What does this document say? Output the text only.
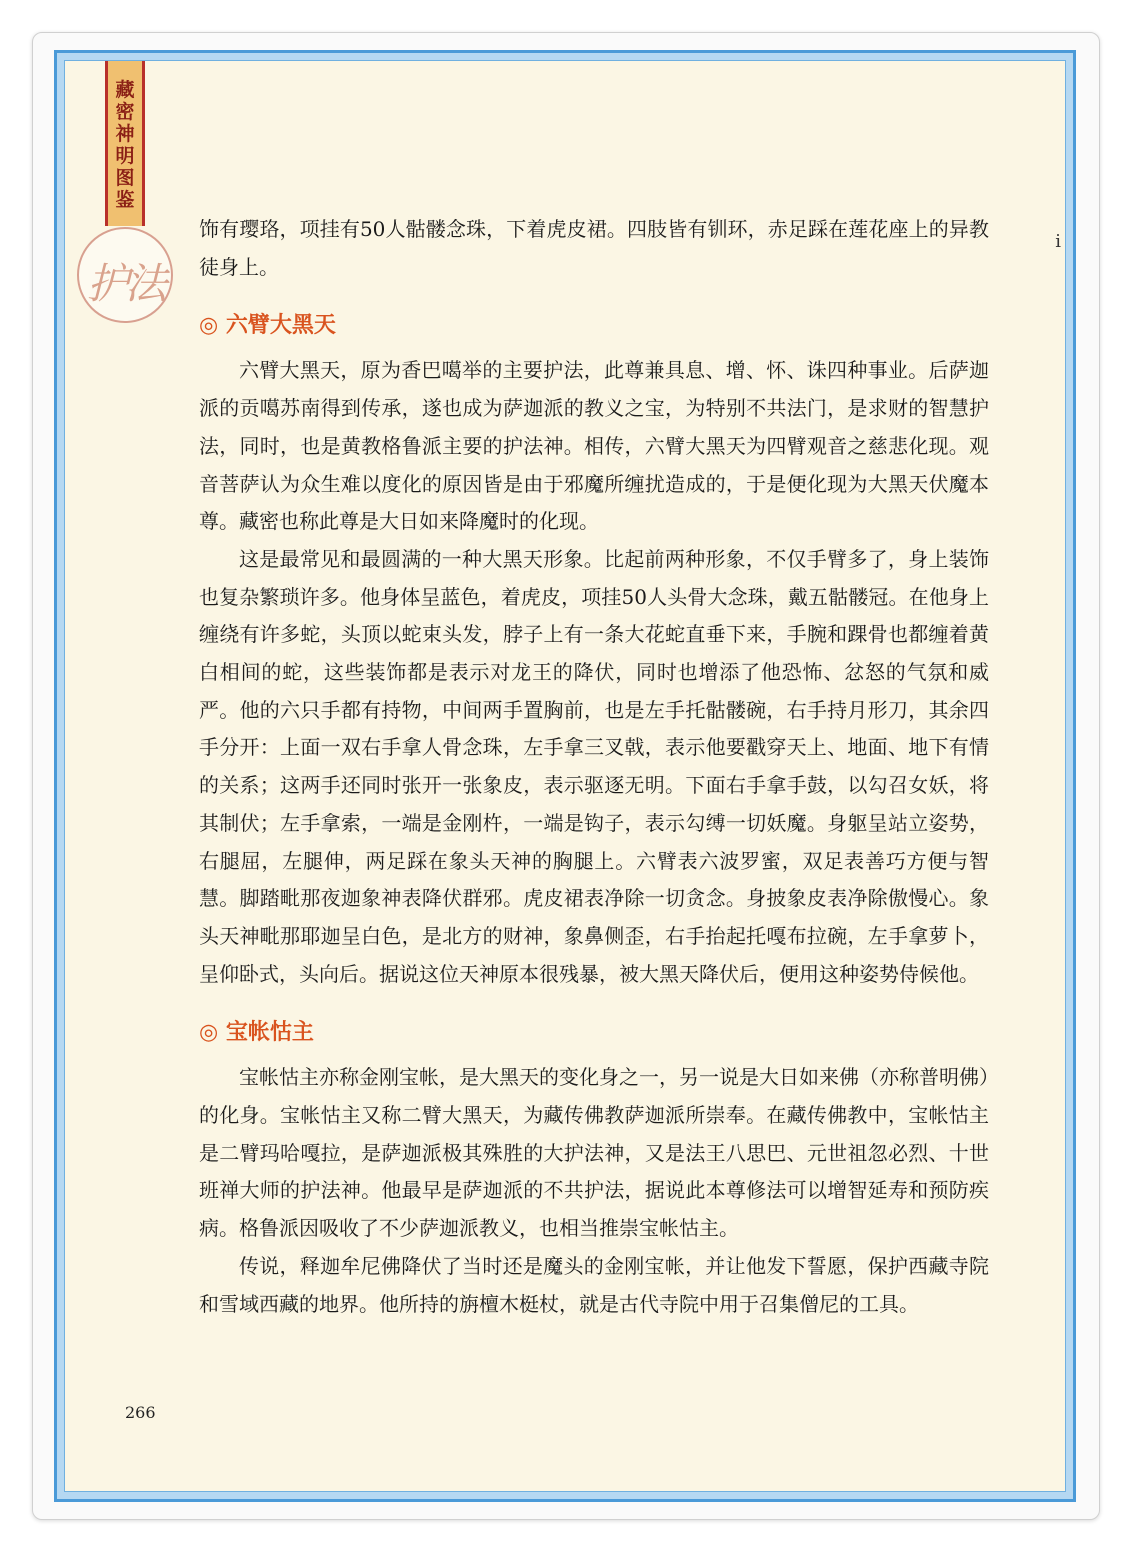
藏密神明图鉴
护法
i

饰有璎珞，项挂有50人骷髅念珠，下着虎皮裙。四肢皆有钏环，赤足踩在莲花座上的异教徒身上。

◎ 六臂大黑天

六臂大黑天，原为香巴噶举的主要护法，此尊兼具息、增、怀、诛四种事业。后萨迦派的贡噶苏南得到传承，遂也成为萨迦派的教义之宝，为特别不共法门，是求财的智慧护法，同时，也是黄教格鲁派主要的护法神。相传，六臂大黑天为四臂观音之慈悲化现。观音菩萨认为众生难以度化的原因皆是由于邪魔所缠扰造成的，于是便化现为大黑天伏魔本尊。藏密也称此尊是大日如来降魔时的化现。

这是最常见和最圆满的一种大黑天形象。比起前两种形象，不仅手臂多了，身上装饰也复杂繁琐许多。他身体呈蓝色，着虎皮，项挂50人头骨大念珠，戴五骷髅冠。在他身上缠绕有许多蛇，头顶以蛇束头发，脖子上有一条大花蛇直垂下来，手腕和踝骨也都缠着黄白相间的蛇，这些装饰都是表示对龙王的降伏，同时也增添了他恐怖、忿怒的气氛和威严。他的六只手都有持物，中间两手置胸前，也是左手托骷髅碗，右手持月形刀，其余四手分开：上面一双右手拿人骨念珠，左手拿三叉戟，表示他要戳穿天上、地面、地下有情的关系；这两手还同时张开一张象皮，表示驱逐无明。下面右手拿手鼓，以勾召女妖，将其制伏；左手拿索，一端是金刚杵，一端是钩子，表示勾缚一切妖魔。身躯呈站立姿势，右腿屈，左腿伸，两足踩在象头天神的胸腿上。六臂表六波罗蜜，双足表善巧方便与智慧。脚踏毗那夜迦象神表降伏群邪。虎皮裙表净除一切贪念。身披象皮表净除傲慢心。象头天神毗那耶迦呈白色，是北方的财神，象鼻侧歪，右手抬起托嘎布拉碗，左手拿萝卜，呈仰卧式，头向后。据说这位天神原本很残暴，被大黑天降伏后，便用这种姿势侍候他。

◎ 宝帐怙主

宝帐怙主亦称金刚宝帐，是大黑天的变化身之一，另一说是大日如来佛（亦称普明佛）的化身。宝帐怙主又称二臂大黑天，为藏传佛教萨迦派所崇奉。在藏传佛教中，宝帐怙主是二臂玛哈嘎拉，是萨迦派极其殊胜的大护法神，又是法王八思巴、元世祖忽必烈、十世班禅大师的护法神。他最早是萨迦派的不共护法，据说此本尊修法可以增智延寿和预防疾病。格鲁派因吸收了不少萨迦派教义，也相当推崇宝帐怙主。

传说，释迦牟尼佛降伏了当时还是魔头的金刚宝帐，并让他发下誓愿，保护西藏寺院和雪域西藏的地界。他所持的旃檀木梃杖，就是古代寺院中用于召集僧尼的工具。

266
